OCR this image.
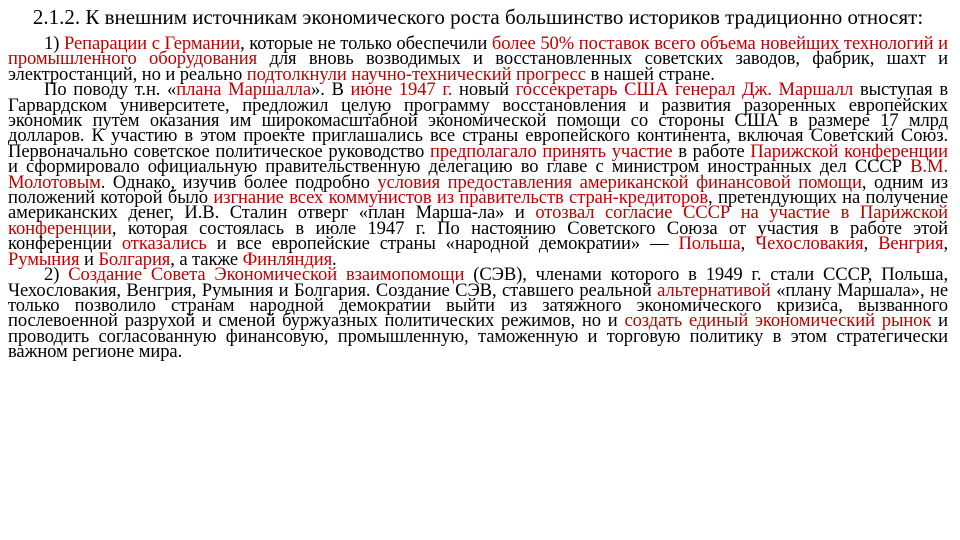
2.1.2. К внешним источникам экономического роста большинство историков традиционно относят:

1) Репарации с Германии, которые не только обеспечили более 50% поставок всего объема новейших технологий и промышленного оборудования для вновь возводимых и восстановленных советских заводов, фабрик, шахт и электростанций, но и реально подтолкнули научно-технический прогресс в нашей стране.

По поводу т.н. «плана Маршалла». В июне 1947 г. новый госсекретарь США генерал Дж. Маршалл выступая в Гарвардском университете, предложил целую программу восстановления и развития разоренных европейских экономик путем оказания им широкомасштабной экономической помощи со стороны США в размере 17 млрд долларов. К участию в этом проекте приглашались все страны европейского континента, включая Советский Союз. Первоначально советское политическое руководство предполагало принять участие в работе Парижской конференции и сформировало официальную правительственную делегацию во главе с министром иностранных дел СССР В.М. Молотовым. Однако, изучив более подробно условия предоставления американской финансовой помощи, одним из положений которой было изгнание всех коммунистов из правительств стран-кредиторов, претендующих на получение американских денег, И.В. Сталин отверг «план Марша-ла» и отозвал согласие СССР на участие в Парижской конференции, которая состоялась в июле 1947 г. По настоянию Советского Союза от участия в работе этой конференции отказались и все европейские страны «народной демократии» — Польша, Чехословакия, Венгрия, Румыния и Болгария, а также Финляндия.

2) Создание Совета Экономической взаимопомощи (СЭВ), членами которого в 1949 г. стали СССР, Польша, Чехословакия, Венгрия, Румыния и Болгария. Создание СЭВ, ставшего реальной альтернативой «плану Маршала», не только позволило странам народной демократии выйти из затяжного экономического кризиса, вызванного послевоенной разрухой и сменой буржуазных политических режимов, но и создать единый экономический рынок и проводить согласованную финансовую, промышленную, таможенную и торговую политику в этом стратегически важном регионе мира.
